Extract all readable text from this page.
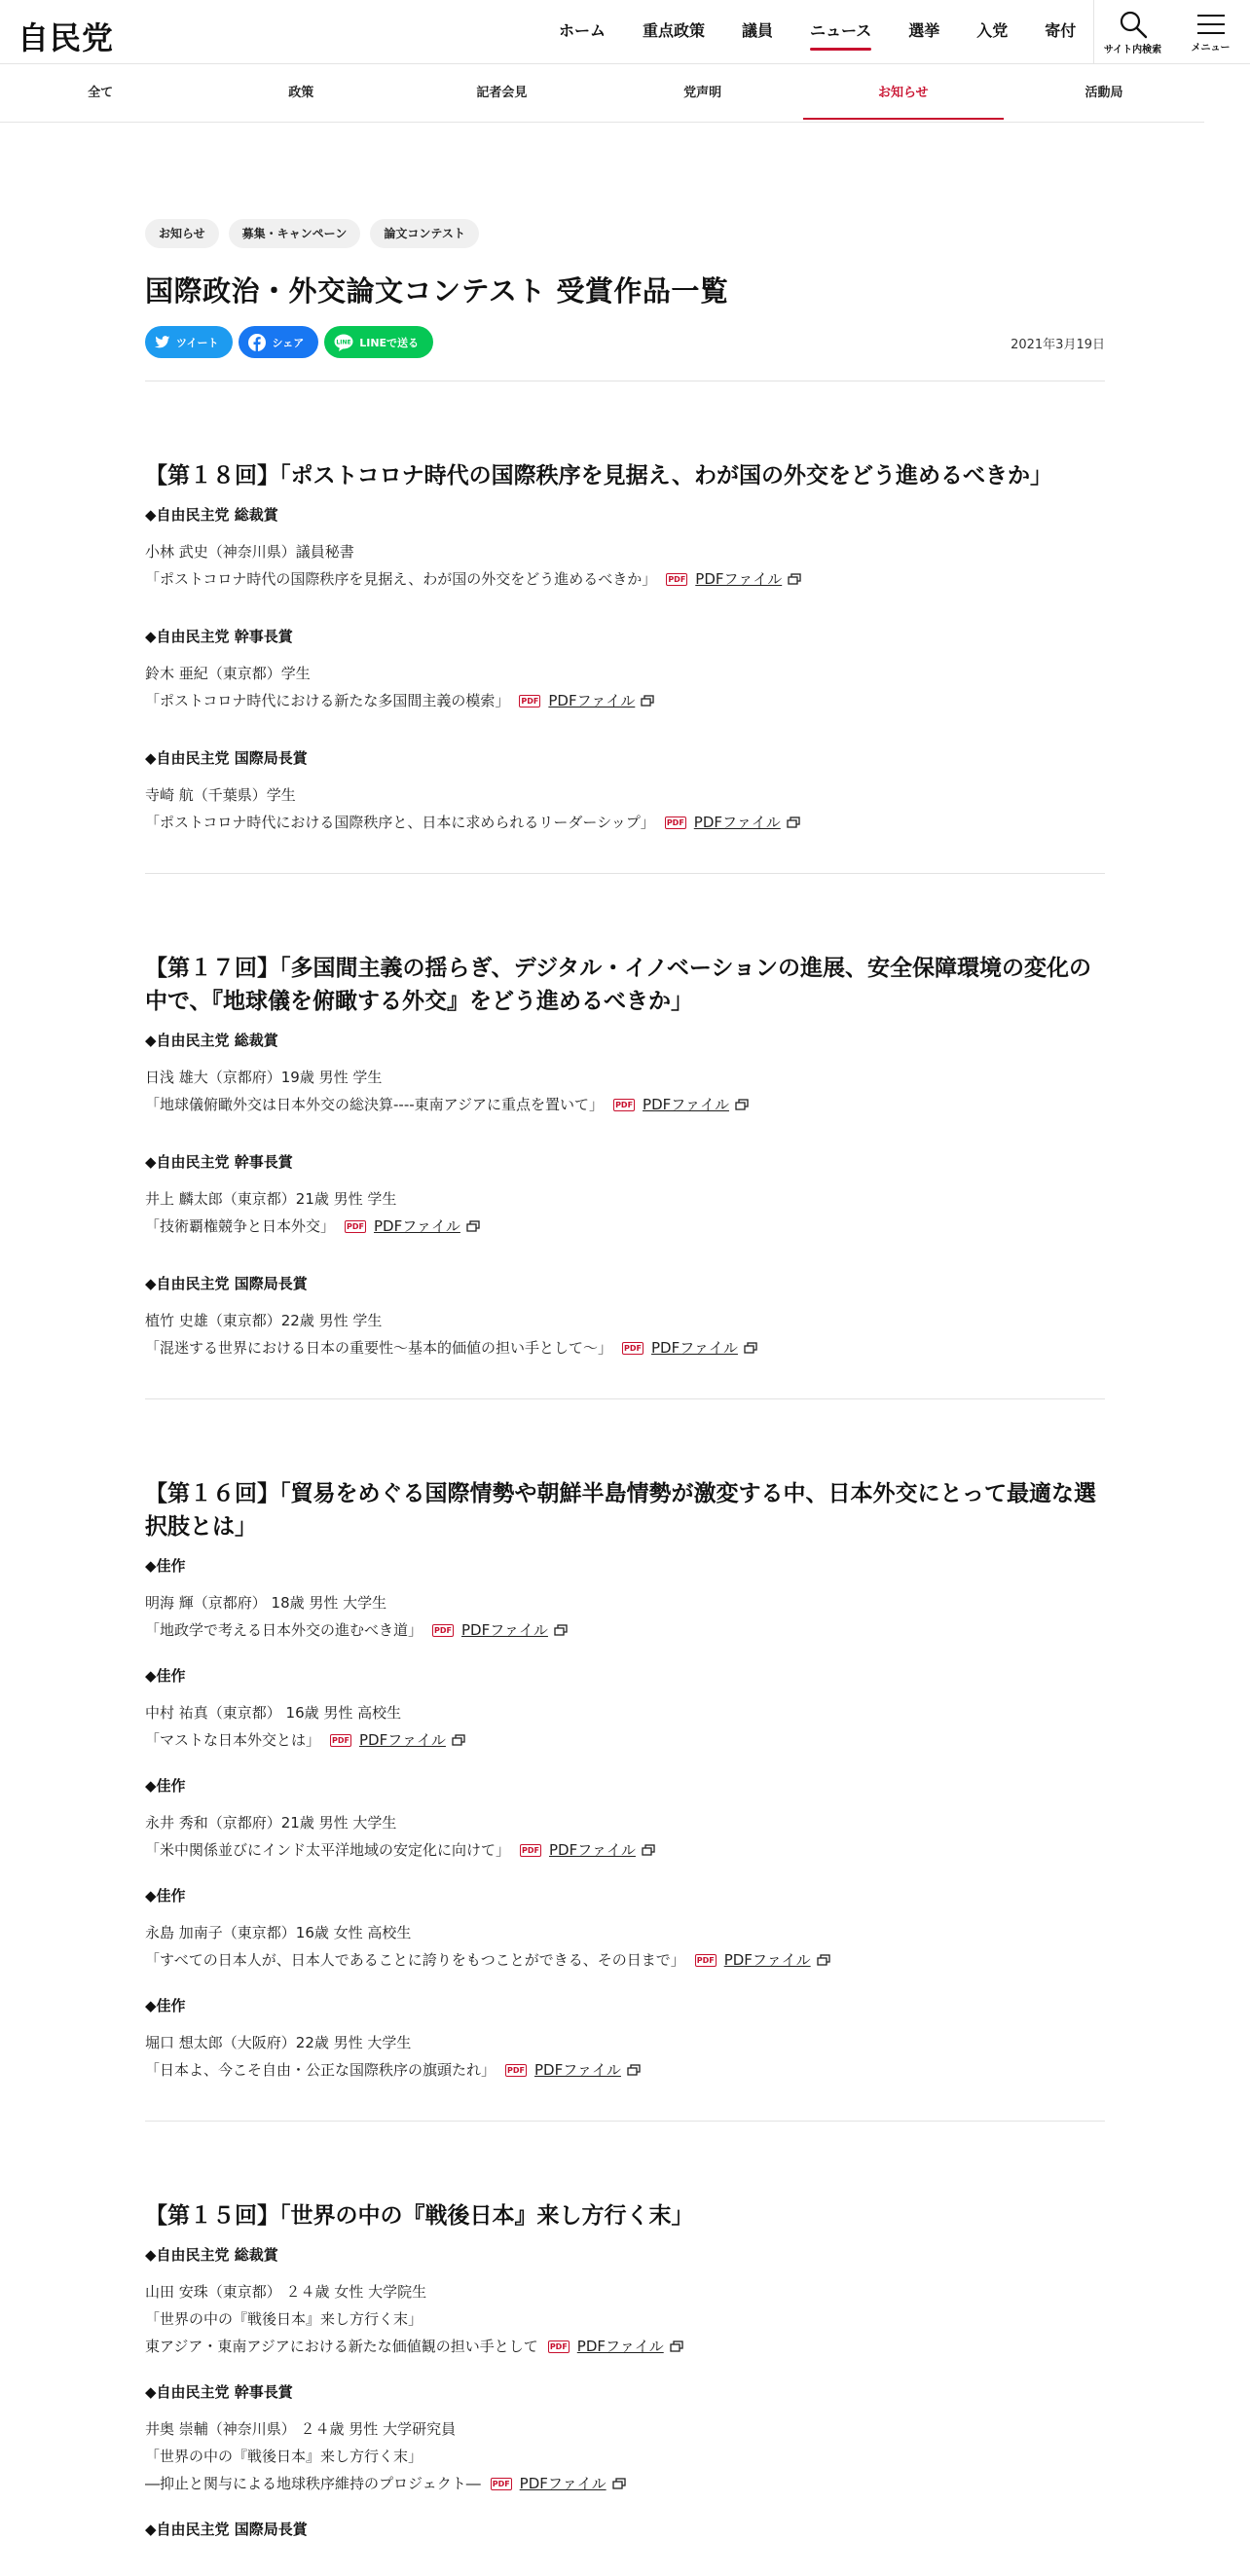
自民党	ホーム	重点政策	議員	ニュース	選挙	入党	寄付
サイト内検索	メニュー
全て	政策	記者会見	党声明	お知らせ	活動局
お知らせ	募集・キャンペーン	論文コンテスト
国際政治・外交論文コンテスト 受賞作品一覧
ツイート	シェア	LINE LINEで送る	2021年3月19日
【第１８回】「ポストコロナ時代の国際秩序を見据え、わが国の外交をどう進めるべきか」
◆自由民主党 総裁賞
小林 武史（神奈川県）議員秘書
「ポストコロナ時代の国際秩序を見据え、わが国の外交をどう進めるべきか」 PDF PDFファイル
◆自由民主党 幹事長賞
鈴木 亜紀（東京都）学生
「ポストコロナ時代における新たな多国間主義の模索」 PDF PDFファイル
◆自由民主党 国際局長賞
寺崎 航（千葉県）学生
「ポストコロナ時代における国際秩序と、日本に求められるリーダーシップ」 PDF PDFファイル
【第１７回】「多国間主義の揺らぎ、デジタル・イノベーションの進展、安全保障環境の変化の中で、『地球儀を俯瞰する外交』をどう進めるべきか」
◆自由民主党 総裁賞
日浅 雄大（京都府）19歳 男性 学生
「地球儀俯瞰外交は日本外交の総決算----東南アジアに重点を置いて」 PDF PDFファイル
◆自由民主党 幹事長賞
井上 麟太郎（東京都）21歳 男性 学生
「技術覇権競争と日本外交」 PDF PDFファイル
◆自由民主党 国際局長賞
植竹 史雄（東京都）22歳 男性 学生
「混迷する世界における日本の重要性～基本的価値の担い手として～」 PDF PDFファイル
【第１６回】「貿易をめぐる国際情勢や朝鮮半島情勢が激変する中、日本外交にとって最適な選択肢とは」
◆佳作
明海 輝（京都府） 18歳 男性 大学生
「地政学で考える日本外交の進むべき道」 PDF PDFファイル
◆佳作
中村 祐真（東京都） 16歳 男性 高校生
「マストな日本外交とは」 PDF PDFファイル
◆佳作
永井 秀和（京都府）21歳 男性 大学生
「米中関係並びにインド太平洋地域の安定化に向けて」 PDF PDFファイル
◆佳作
永島 加南子（東京都）16歳 女性 高校生
「すべての日本人が、日本人であることに誇りをもつことができる、その日まで」 PDF PDFファイル
◆佳作
堀口 想太郎（大阪府）22歳 男性 大学生
「日本よ、今こそ自由・公正な国際秩序の旗頭たれ」 PDF PDFファイル
【第１５回】「世界の中の『戦後日本』来し方行く末」
◆自由民主党 総裁賞
山田 安珠（東京都） ２４歳 女性 大学院生
「世界の中の『戦後日本』来し方行く末」
東アジア・東南アジアにおける新たな価値観の担い手として PDF PDFファイル
◆自由民主党 幹事長賞
井奥 崇輔（神奈川県） ２４歳 男性 大学研究員
「世界の中の『戦後日本』来し方行く末」
―抑止と関与による地球秩序維持のプロジェクト― PDF PDFファイル
◆自由民主党 国際局長賞
